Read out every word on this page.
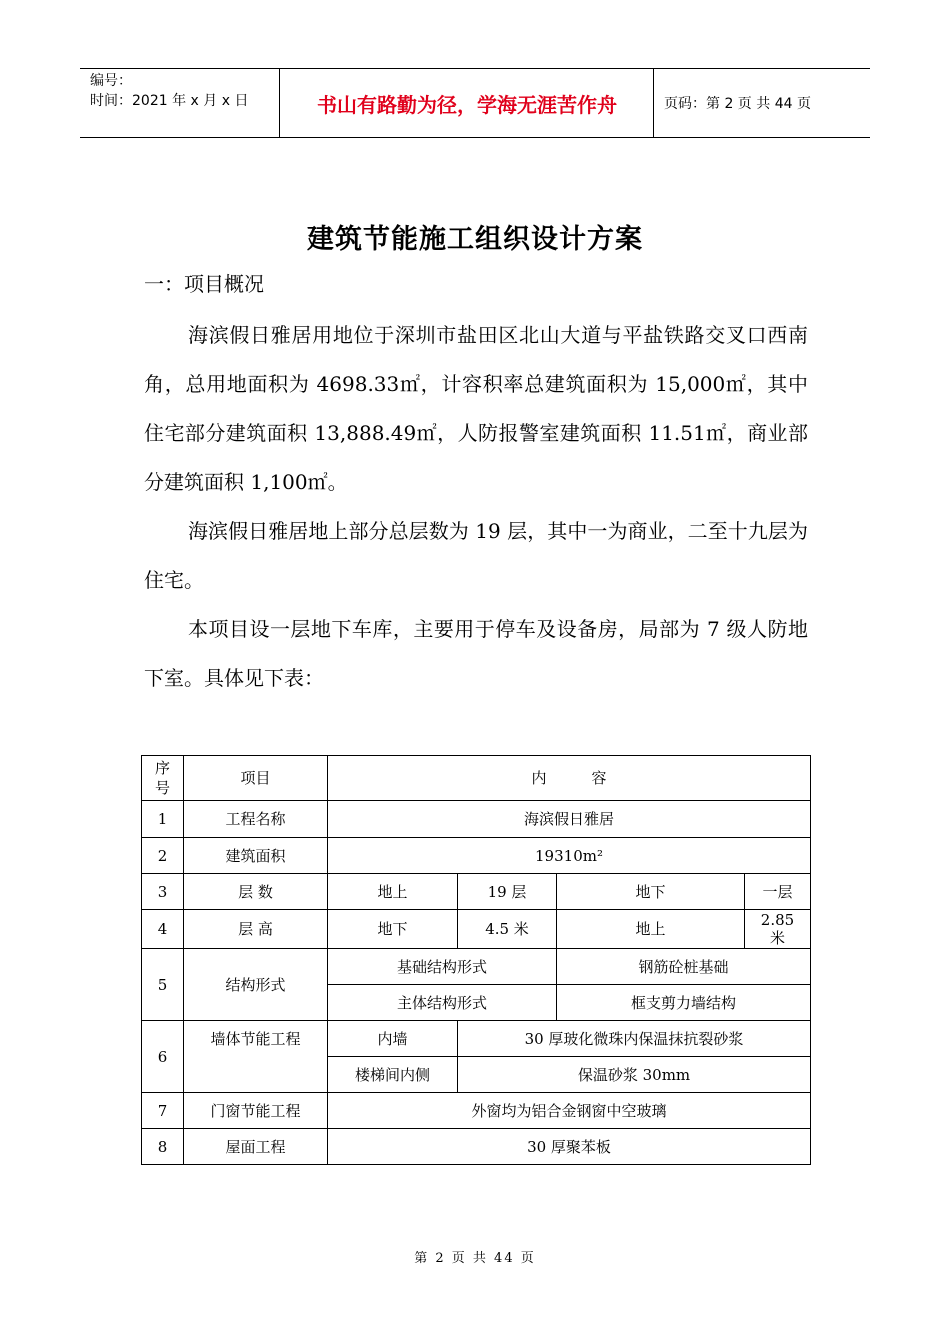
编号：
时间：2021 年 x 月 x 日	书山有路勤为径，学海无涯苦作舟	页码：第 2 页 共 44 页
建筑节能施工组织设计方案
一：项目概况

海滨假日雅居用地位于深圳市盐田区北山大道与平盐铁路交叉口西南角，总用地面积为 4698.33㎡，计容积率总建筑面积为 15,000㎡，其中住宅部分建筑面积 13,888.49㎡，人防报警室建筑面积 11.51㎡，商业部分建筑面积 1,100㎡。

海滨假日雅居地上部分总层数为 19 层，其中一为商业，二至十九层为住宅。

本项目设一层地下车库，主要用于停车及设备房，局部为 7 级人防地下室。具体见下表：

序号	项目	内　　　容			
1	工程名称	海滨假日雅居			
2	建筑面积	19310m²			
3	层 数	地上	19 层	地下	一层
4	层 高	地下	4.5 米	地上	2.85 米

5	结构形式	基础结构形式		钢筋砼桩基础	
		主体结构形式		框支剪力墙结构	
6	墙体节能工程	内墙	30 厚玻化微珠内保温抹抗裂砂浆		
		楼梯间内侧	保温砂浆 30mm		
7	门窗节能工程	外窗均为铝合金钢窗中空玻璃			
8	屋面工程	30 厚聚苯板			
第 2 页 共 44 页
